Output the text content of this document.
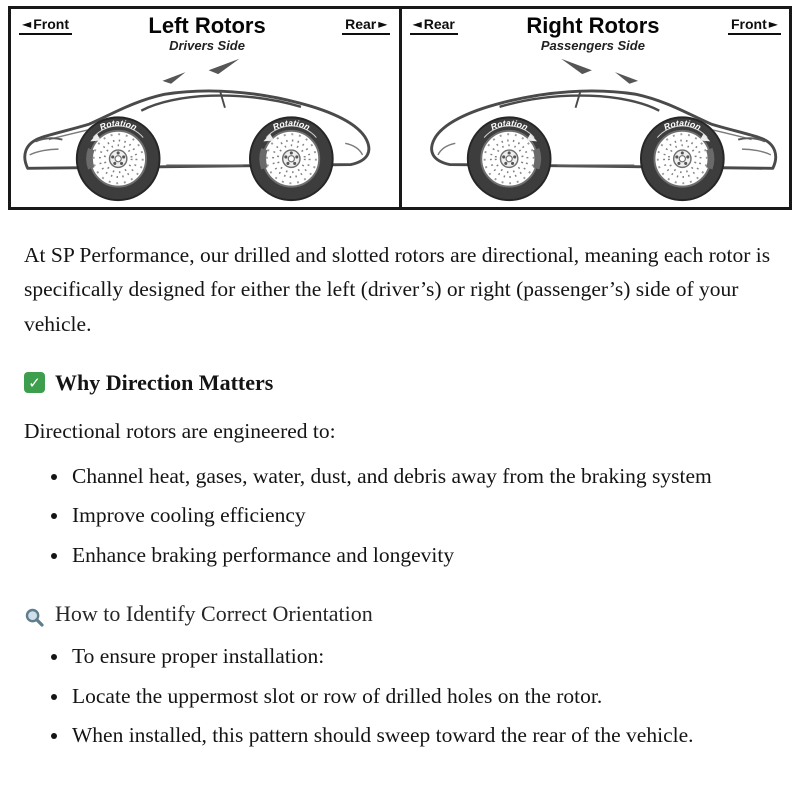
◄ Front	Left Rotors
Drivers Side
Rear ►
Rotation	Rotation
◄ Rear	Right Rotors
Passengers Side
Front ►
Rotation	Rotation

At SP Performance, our drilled and slotted rotors are directional, meaning each rotor is specifically designed for either the left (driver’s) or right (passenger’s) side of your vehicle.

✓ Why Direction Matters

Directional rotors are engineered to:

• Channel heat, gases, water, dust, and debris away from the braking system
• Improve cooling efficiency
• Enhance braking performance and longevity
How to Identify Correct Orientation
• To ensure proper installation:
• Locate the uppermost slot or row of drilled holes on the rotor.
• When installed, this pattern should sweep toward the rear of the vehicle.
